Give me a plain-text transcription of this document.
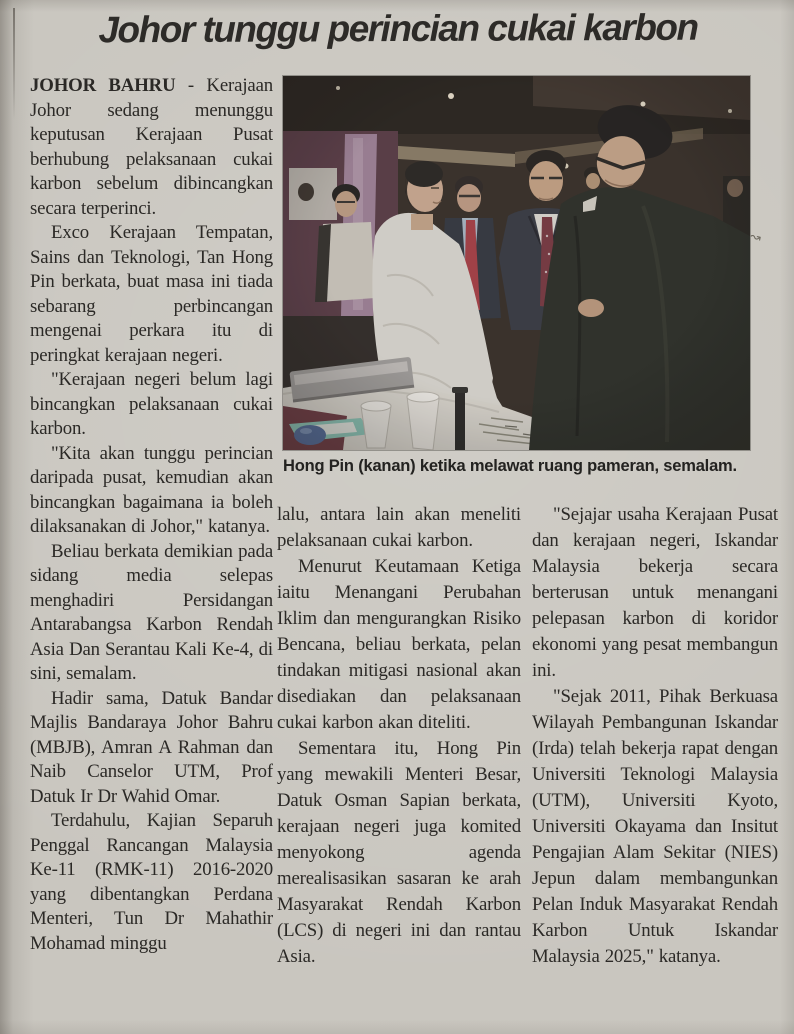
Johor tunggu perincian cukai karbon

JOHOR BAHRU - Kerajaan Johor sedang menunggu keputusan Kerajaan Pusat berhubung pelaksanaan cukai karbon sebelum dibincangkan secara terperinci.

Exco Kerajaan Tempatan, Sains dan Teknologi, Tan Hong Pin berkata, buat masa ini tiada sebarang perbincangan mengenai perkara itu di peringkat kerajaan negeri.

"Kerajaan negeri belum lagi bincangkan pelaksanaan cukai karbon.

"Kita akan tunggu perincian daripada pusat, kemudian akan bincangkan bagaimana ia boleh dilaksanakan di Johor," katanya.

Beliau berkata demikian pada sidang media selepas menghadiri Persidangan Antarabangsa Karbon Rendah Asia Dan Serantau Kali Ke-4, di sini, semalam.

Hadir sama, Datuk Bandar Majlis Bandaraya Johor Bahru (MBJB), Amran A Rahman dan Naib Canselor UTM, Prof Datuk Ir Dr Wahid Omar.

Terdahulu, Kajian Separuh Penggal Rancangan Malaysia Ke-11 (RMK-11) 2016-2020 yang dibentangkan Perdana Menteri, Tun Dr Mahathir Mohamad minggu

Hong Pin (kanan) ketika melawat ruang pameran, semalam.

lalu, antara lain akan meneliti pelaksanaan cukai karbon.

Menurut Keutamaan Ketiga iaitu Menangani Perubahan Iklim dan mengurangkan Risiko Bencana, beliau berkata, pelan tindakan mitigasi nasional akan disediakan dan pelaksanaan cukai karbon akan diteliti.

Sementara itu, Hong Pin yang mewakili Menteri Besar, Datuk Osman Sapian berkata, kerajaan negeri juga komited menyokong agenda merealisasikan sasaran ke arah Masyarakat Rendah Karbon (LCS) di negeri ini dan rantau Asia.

"Sejajar usaha Kerajaan Pusat dan kerajaan negeri, Iskandar Malaysia bekerja secara berterusan untuk menangani pelepasan karbon di koridor ekonomi yang pesat membangun ini.

"Sejak 2011, Pihak Berkuasa Wilayah Pembangunan Iskandar (Irda) telah bekerja rapat dengan Universiti Teknologi Malaysia (UTM), Universiti Kyoto, Universiti Okayama dan Insitut Pengajian Alam Sekitar (NIES) Jepun dalam membangunkan Pelan Induk Masyarakat Rendah Karbon Untuk Iskandar Malaysia 2025," katanya.

↝
